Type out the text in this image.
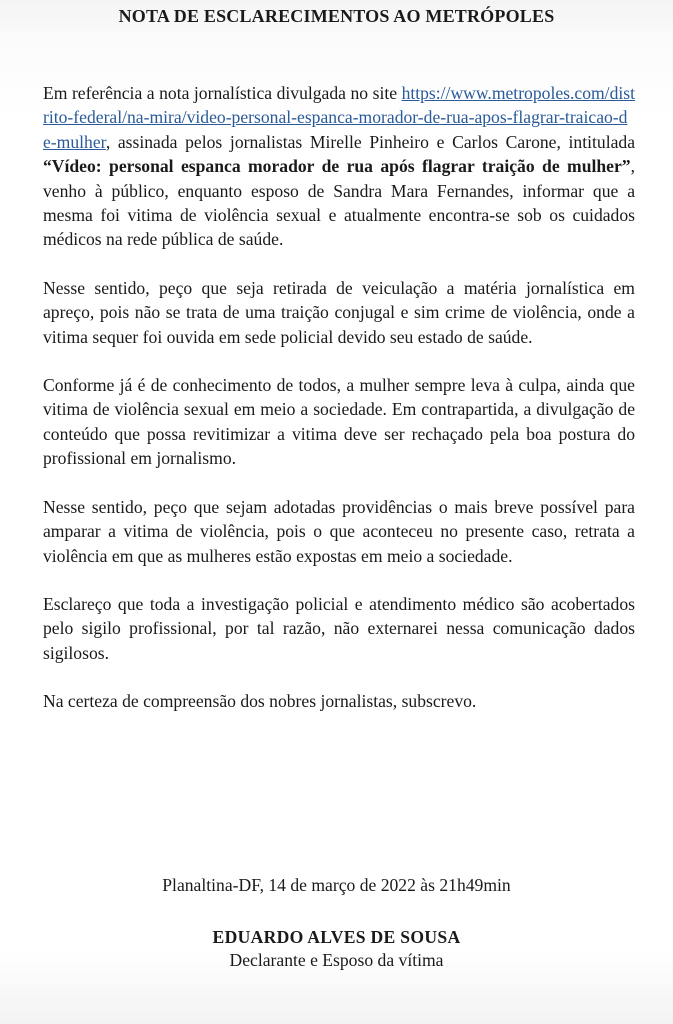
NOTA DE ESCLARECIMENTOS AO METRÓPOLES

Em referência a nota jornalística divulgada no site https://www.metropoles.com/distrito-federal/na-mira/video-personal-espanca-morador-de-rua-apos-flagrar-traicao-de-mulher, assinada pelos jornalistas Mirelle Pinheiro e Carlos Carone, intitulada “Vídeo: personal espanca morador de rua após flagrar traição de mulher”, venho à público, enquanto esposo de Sandra Mara Fernandes, informar que a mesma foi vitima de violência sexual e atualmente encontra-se sob os cuidados médicos na rede pública de saúde.

Nesse sentido, peço que seja retirada de veiculação a matéria jornalística em apreço, pois não se trata de uma traição conjugal e sim crime de violência, onde a vitima sequer foi ouvida em sede policial devido seu estado de saúde.

Conforme já é de conhecimento de todos, a mulher sempre leva à culpa, ainda que vitima de violência sexual em meio a sociedade. Em contrapartida, a divulgação de conteúdo que possa revitimizar a vitima deve ser rechaçado pela boa postura do profissional em jornalismo.

Nesse sentido, peço que sejam adotadas providências o mais breve possível para amparar a vitima de violência, pois o que aconteceu no presente caso, retrata a violência em que as mulheres estão expostas em meio a sociedade.

Esclareço que toda a investigação policial e atendimento médico são acobertados pelo sigilo profissional, por tal razão, não externarei nessa comunicação dados sigilosos.

Na certeza de compreensão dos nobres jornalistas, subscrevo.

Planaltina-DF, 14 de março de 2022 às 21h49min

EDUARDO ALVES DE SOUSA

Declarante e Esposo da vítima
